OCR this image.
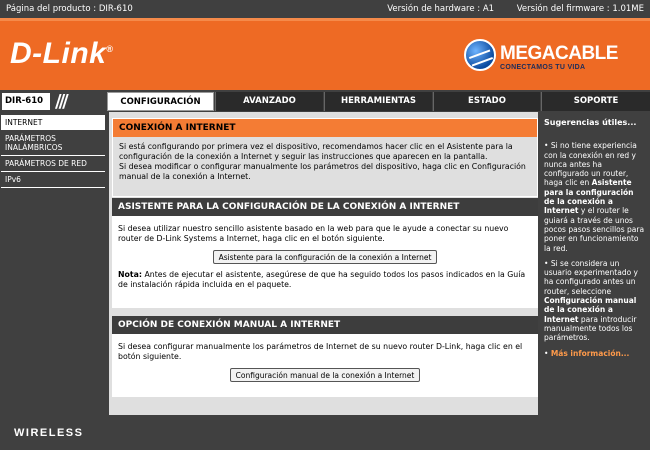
Página del producto : DIR-610	Versión de hardware : A1	Versión del firmware : 1.01ME
D-Link®	MEGACABLE
CONECTAMOS TU VIDA
DIR-610 ///	CONFIGURACIÓN	AVANZADO	HERRAMIENTAS	ESTADO	SOPORTE
INTERNET
PARÁMETROS INALÁMBRICOS
PARÁMETROS DE RED
IPv6
CONEXIÓN A INTERNET
Si está configurando por primera vez el dispositivo, recomendamos hacer clic en el Asistente para la configuración de la conexión a Internet y seguir las instrucciones que aparecen en la pantalla.
Si desea modificar o configurar manualmente los parámetros del dispositivo, haga clic en Configuración manual de la conexión a Internet.
ASISTENTE PARA LA CONFIGURACIÓN DE LA CONEXIÓN A INTERNET
Si desea utilizar nuestro sencillo asistente basado en la web para que le ayude a conectar su nuevo router de D-Link Systems a Internet, haga clic en el botón siguiente.
Asistente para la configuración de la conexión a Internet
Nota: Antes de ejecutar el asistente, asegúrese de que ha seguido todos los pasos indicados en la Guía de instalación rápida incluida en el paquete.
OPCIÓN DE CONEXIÓN MANUAL A INTERNET
Si desea configurar manualmente los parámetros de Internet de su nuevo router D-Link, haga clic en el botón siguiente.
Configuración manual de la conexión a Internet
Sugerencias útiles...

• Si no tiene experiencia con la conexión en red y nunca antes ha configurado un router, haga clic en Asistente para la configuración de la conexión a Internet y el router le guiará a través de unos pocos pasos sencillos para poner en funcionamiento la red.

• Si se considera un usuario experimentado y ha configurado antes un router, seleccione Configuración manual de la conexión a Internet para introducir manualmente todos los parámetros.

• Más información...

WIRELESS
